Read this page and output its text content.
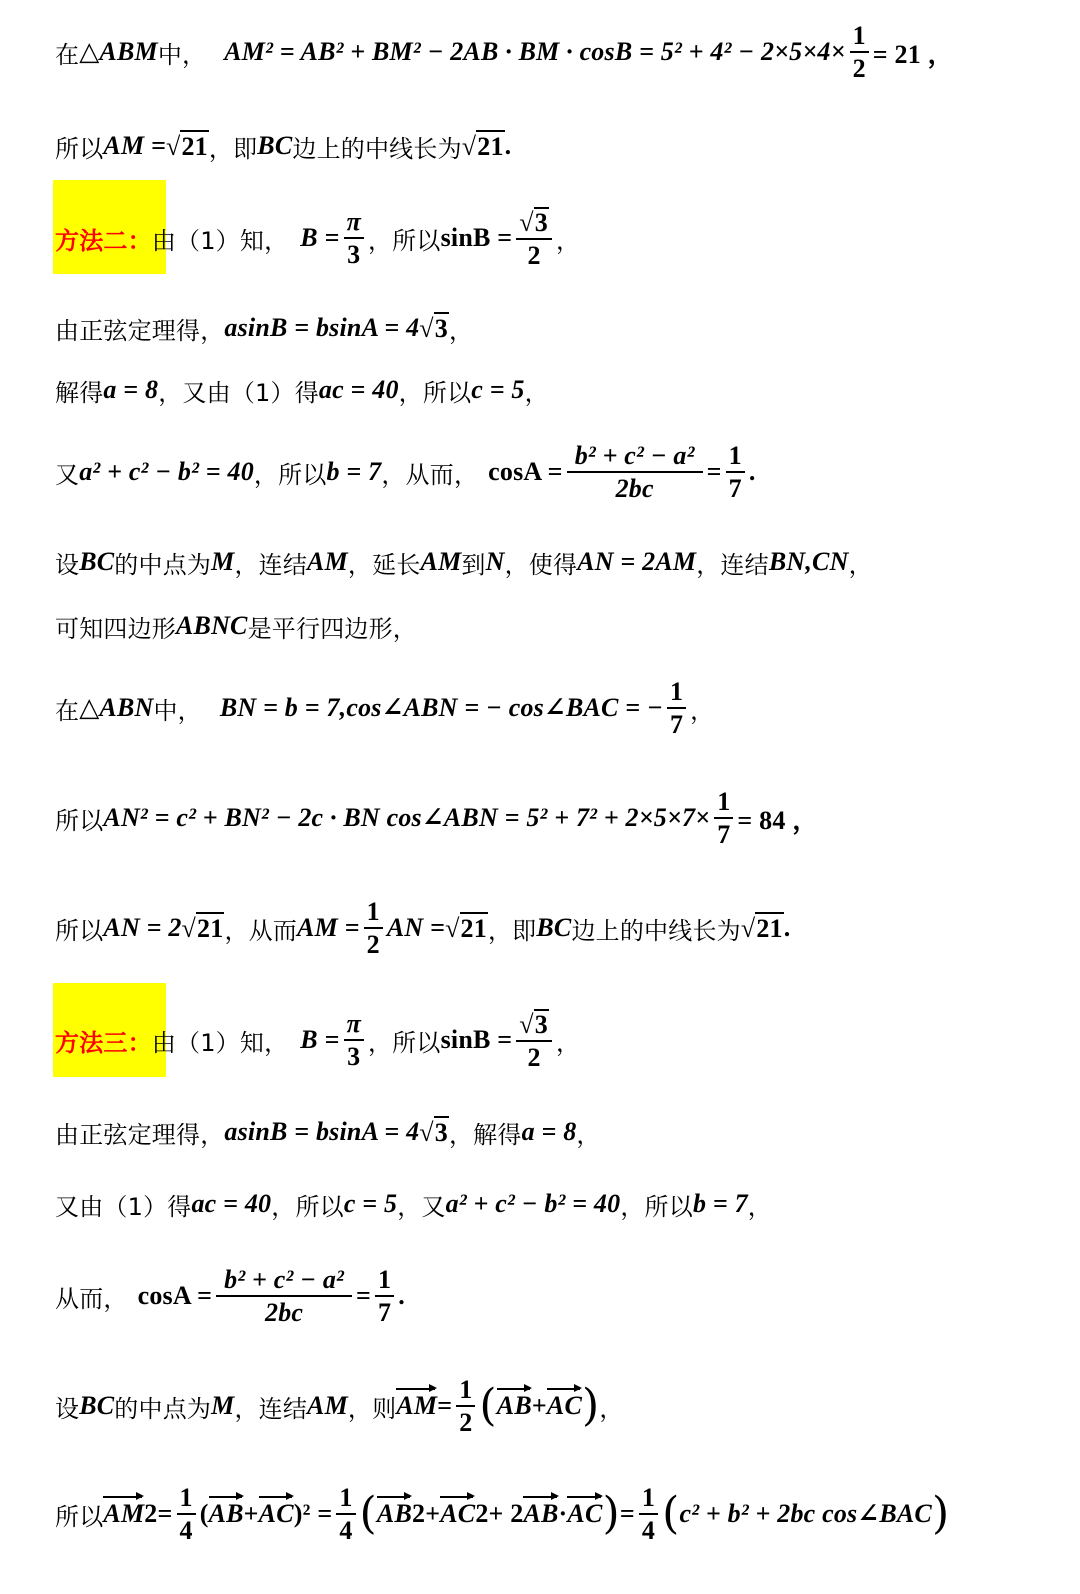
在 △ ABM 中， AM² = AB² + BM² − 2AB · BM · $\cos B = 5^2 + 4^2 - 2\times 5\times 4\times \frac{1}{2} = 21$ ，
所以 AM = √ 21 ，即 BC 边上的中线长为 √ 21 .
方法二： 由（1）知， $B = \frac{\pi}{3}$ ，所以 $\sin B = \frac{√ 3}{2}$ ，
由正弦定理得， asinB = bsinA = 4 √ 3 ，
解得 a = 8 ，又由（1）得 ac = 40 ，所以 c = 5 ，
又 a² + c² − b² = 40 ，所以 b = 7 ，从而， $\cos A = \frac{\text{b² + c² − a²}}{2bc} = \frac{1}{7}$ .
设 BC 的中点为 M ，连结 AM ，延长 AM 到 N ，使得 AN = 2AM ，连结 BN,CN ，
可知四边形 ABNC 是平行四边形，
在 △ ABN 中， BN = b = 7,cos∠ABN = − cos∠BAC = − $\frac{1}{7}$ ，
所以 AN² = c² + BN² − 2c · BN cos∠ABN = $5^2 + 7^2 + 2\times 5\times 7\times \frac{1}{7} = 84$ ，
所以 AN = 2 √ 21 ，从而 AM = $\frac{1}{2}$ AN = √ 21 ，即 BC 边上的中线长为 √ 21 .
方法三： 由（1）知， $B = \frac{\pi}{3}$ ，所以 $\sin B = \frac{√ 3}{2}$ ，
由正弦定理得， asinB = bsinA = 4 √ 3 ，解得 a = 8 ，
又由（1）得 ac = 40 ，所以 c = 5 ，又 a² + c² − b² = 40 ，所以 b = 7 ，
从而， $\cos A = \frac{\text{b² + c² − a²}}{2bc} = \frac{1}{7}$ .
设 BC 的中点为 M ，连结 AM ，则 AM = $\frac{1}{2}$ ( AB + AC ) ，
所以 AM $2 = \frac{1}{4}$ ( AB + AC )$^2 = \frac{1}{4}$ ( AB 2 + AC 2 + 2 AB · AC ) = $\frac{1}{4}$ ( c² + b² + 2bc cos∠BAC )
